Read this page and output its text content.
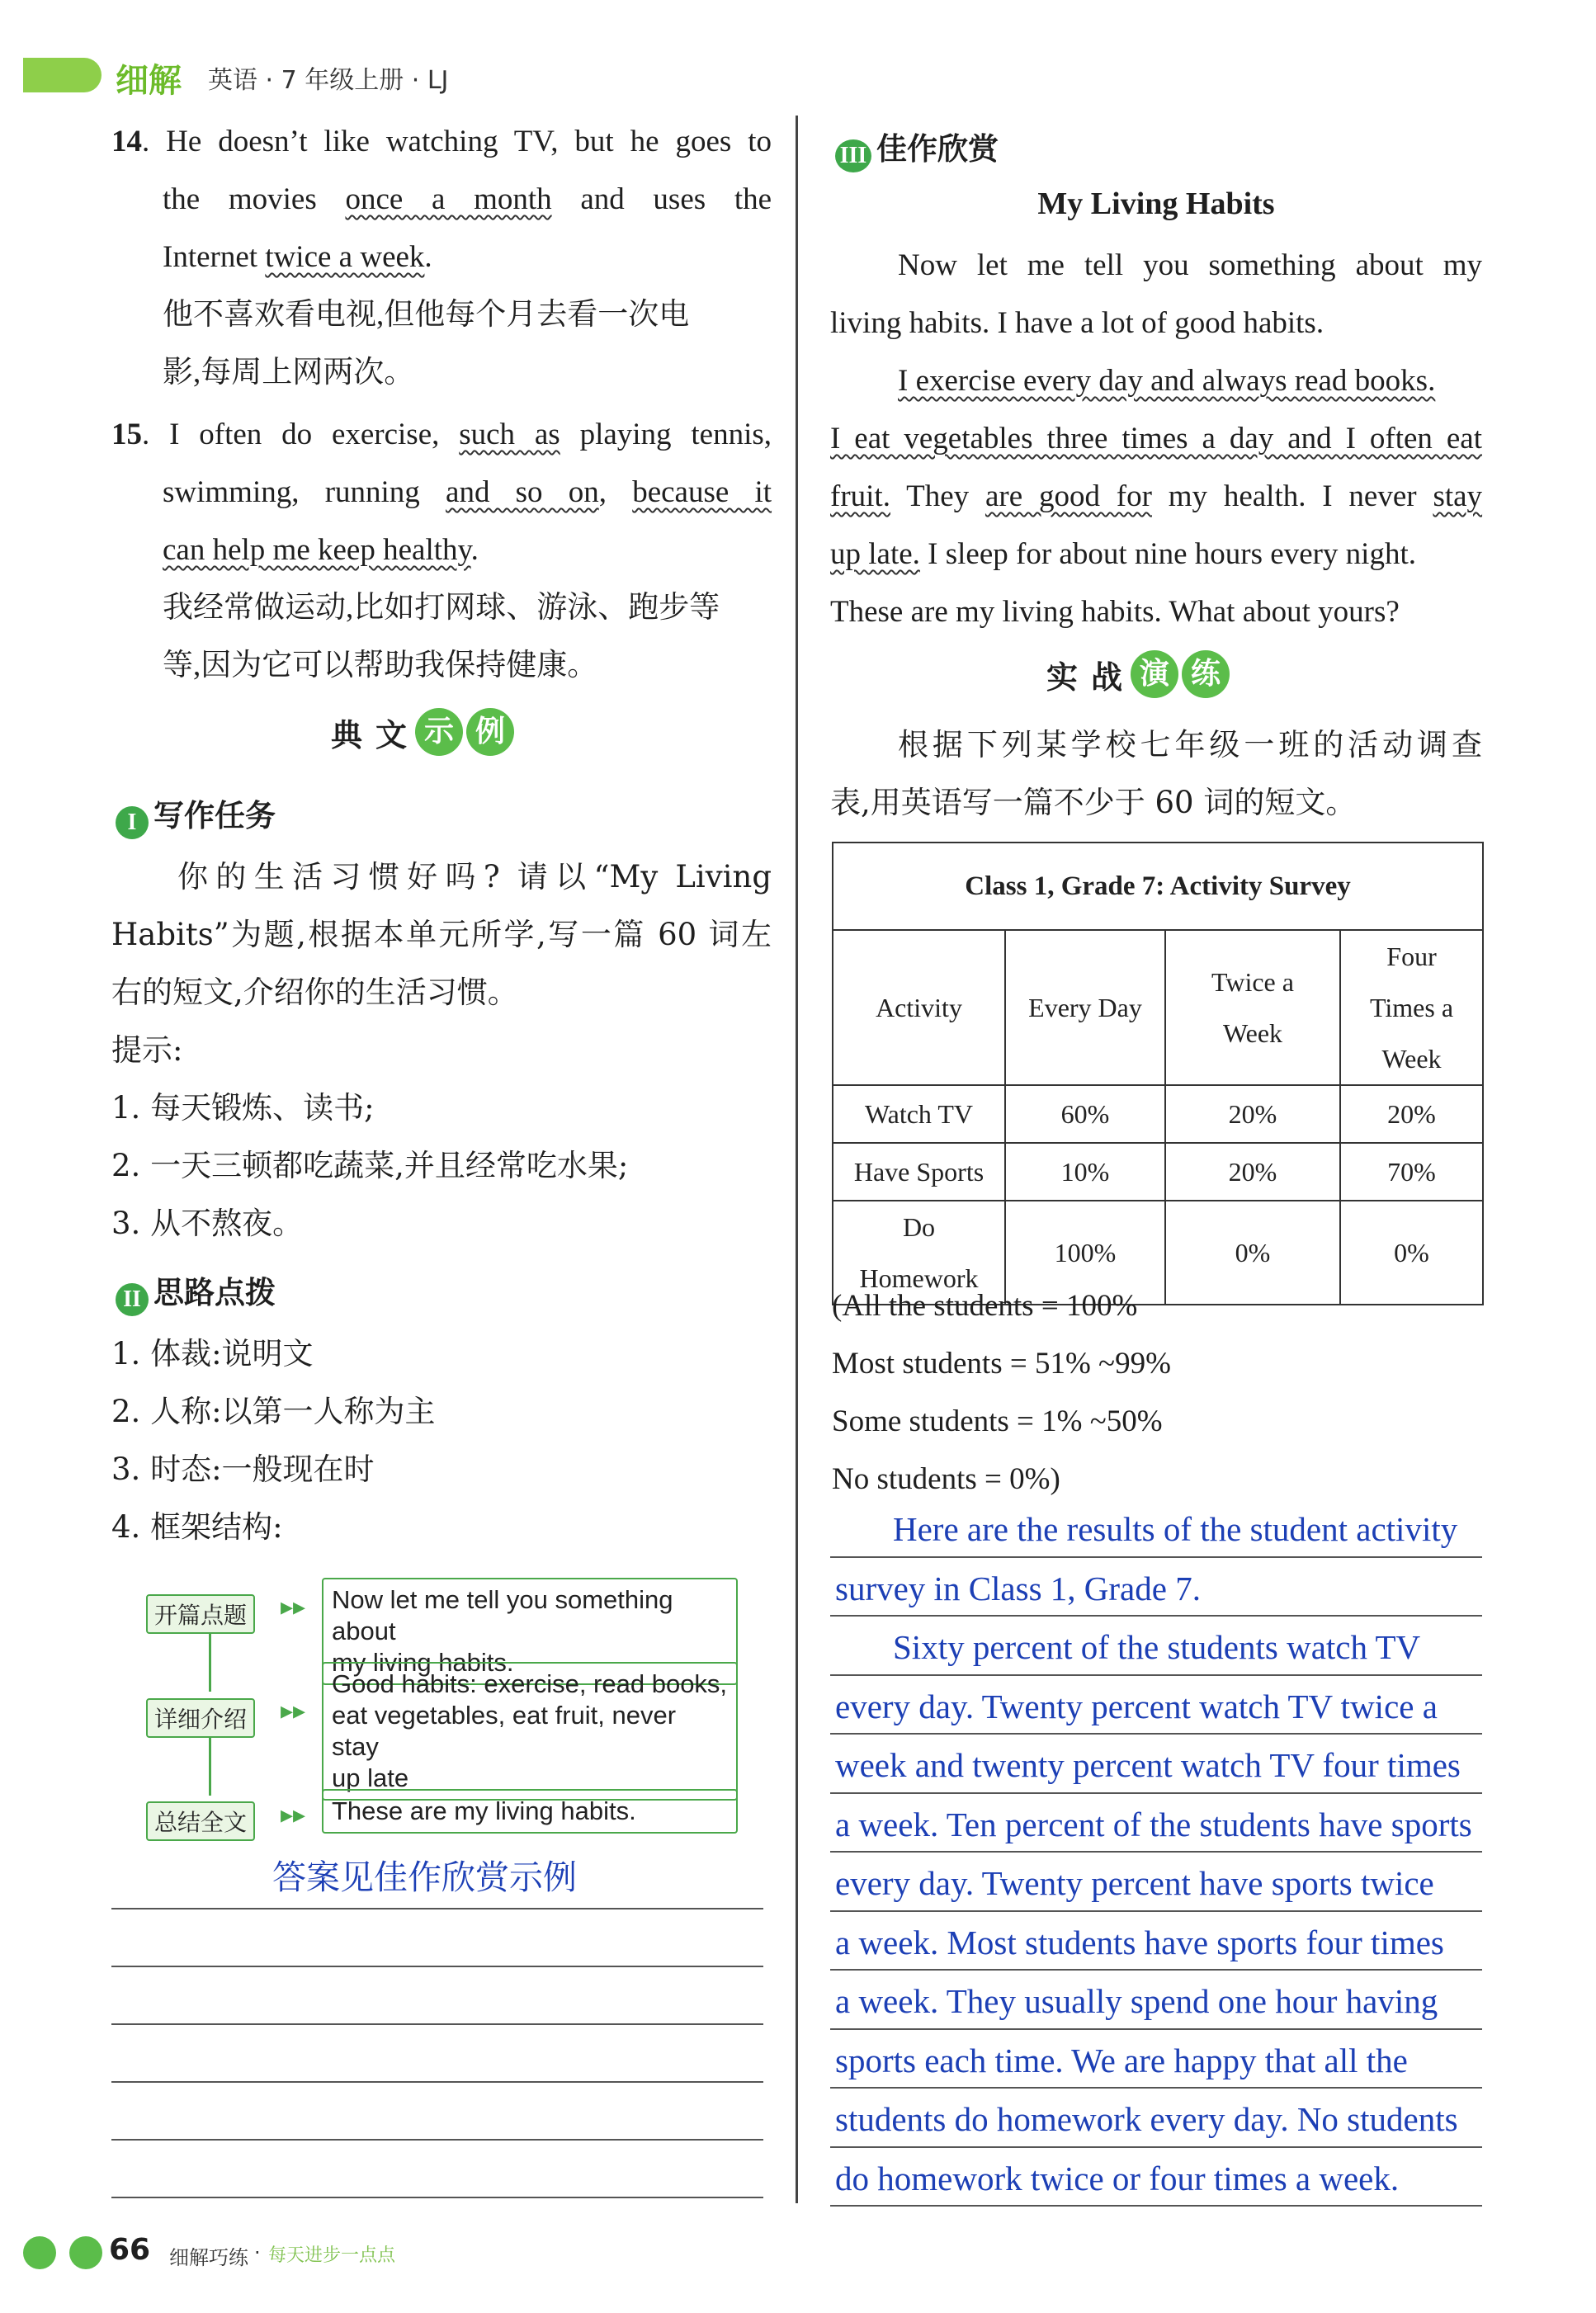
细解 英语 · 7 年级上册 · LJ
14. He doesn’t like watching TV, but he goes to
the movies once a month and uses the
Internet twice a week.
他不喜欢看电视,但他每个月去看一次电
影,每周上网两次。
15. I often do exercise, such as playing tennis,
swimming, running and so on, because it
can help me keep healthy.
我经常做运动,比如打网球、游泳、跑步等
等,因为它可以帮助我保持健康。
典 文 示 例
I 写作任务
你的生活习惯好吗? 请以“My Living
Habits”为题,根据本单元所学,写一篇 60 词左
右的短文,介绍你的生活习惯。
提示:
1. 每天锻炼、读书;
2. 一天三顿都吃蔬菜,并且经常吃水果;
3. 从不熬夜。
II 思路点拨
1. 体裁:说明文
2. 人称:以第一人称为主
3. 时态:一般现在时
4. 框架结构:
开篇点题
详细介绍
总结全文
▸▸
▸▸
▸▸
Now let me tell you something about
my living habits.
Good habits: exercise, read books,
eat vegetables, eat fruit, never stay
up late
These are my living habits.
答案见佳作欣赏示例
III 佳作欣赏
My Living Habits
Now let me tell you something about my
living habits. I have a lot of good habits.
I exercise every day and always read books.
I eat vegetables three times a day and I often eat
fruit. They are good for my health. I never stay
up late. I sleep for about nine hours every night.
These are my living habits. What about yours?
实 战 演 练
根据下列某学校七年级一班的活动调查
表,用英语写一篇不少于 60 词的短文。
Class 1, Grade 7: Activity Survey			
Activity	Every Day	Twice a Week	Four Times a Week
Watch TV	60%	20%	20%
Have Sports	10%	20%	70%
Do Homework	100%	0%	0%
(All the students = 100%
Most students = 51% ~99%
Some students = 1% ~50%
No students = 0%)
Here are the results of the student activity
survey in Class 1, Grade 7.
Sixty percent of the students watch TV
every day. Twenty percent watch TV twice a
week and twenty percent watch TV four times
a week. Ten percent of the students have sports
every day. Twenty percent have sports twice
a week. Most students have sports four times
a week. They usually spend one hour having
sports each time. We are happy that all the
students do homework every day. No students
do homework twice or four times a week.
66 细解巧练 · 每天进步一点点
